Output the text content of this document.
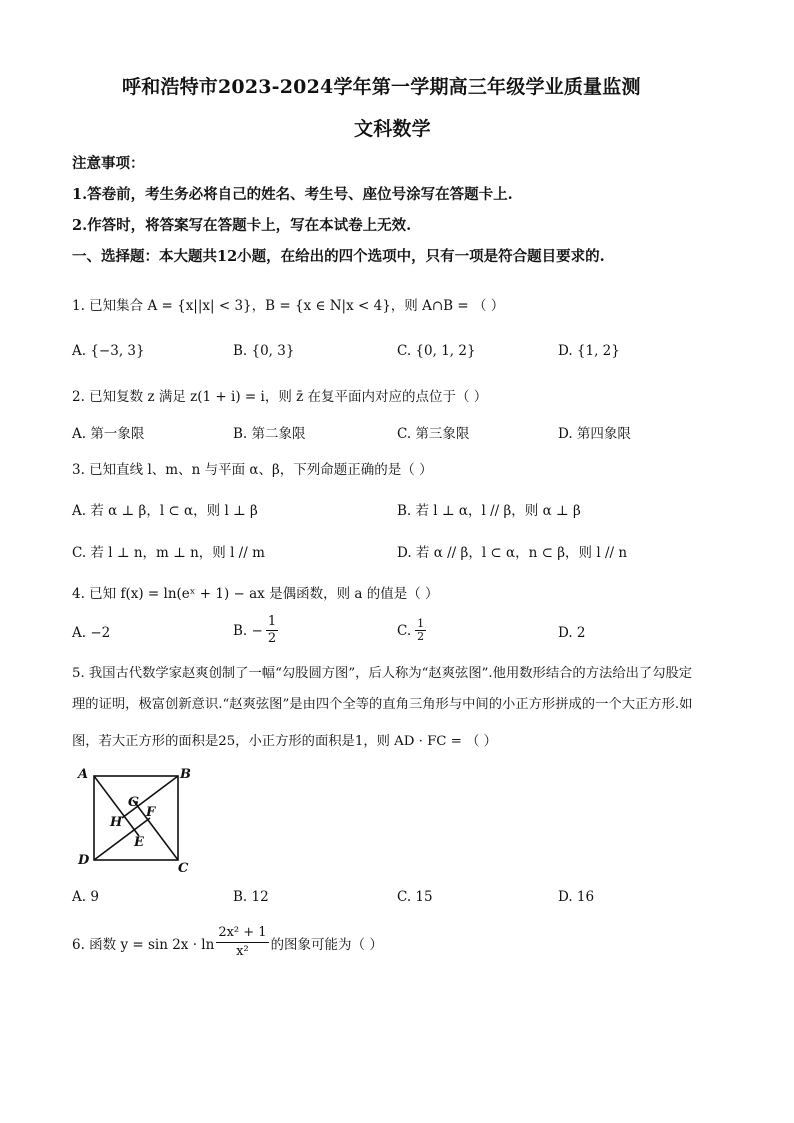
呼和浩特市2023-2024学年第一学期高三年级学业质量监测
文科数学
注意事项：
1.答卷前，考生务必将自己的姓名、考生号、座位号涂写在答题卡上.
2.作答时，将答案写在答题卡上，写在本试卷上无效.
一、选择题：本大题共12小题，在给出的四个选项中，只有一项是符合题目要求的.
1. 已知集合 A = {x||x| < 3}，B = {x ∈ N|x < 4}，则 A∩B = （ ）
A. {−3, 3}	B. {0, 3}	C. {0, 1, 2}	D. {1, 2}
2. 已知复数 z 满足 z(1 + i) = i，则 z̄ 在复平面内对应的点位于（ ）
A. 第一象限	B. 第二象限	C. 第三象限	D. 第四象限
3. 已知直线 l、m、n 与平面 α、β，下列命题正确的是（ ）
A. 若 α ⊥ β，l ⊂ α，则 l ⊥ β	B. 若 l ⊥ α，l // β，则 α ⊥ β
C. 若 l ⊥ n，m ⊥ n，则 l // m	D. 若 α // β，l ⊂ α，n ⊂ β，则 l // n
4. 已知 f(x) = ln(eˣ + 1) − ax 是偶函数，则 a 的值是（ ）
A. −2	B. − $\frac{1}{2}$	C. $\frac{1}{2}$	D. 2
5. 我国古代数学家赵爽创制了一幅“勾股圆方图”，后人称为“赵爽弦图”.他用数形结合的方法给出了勾股定
理的证明，极富创新意识.“赵爽弦图”是由四个全等的直角三角形与中间的小正方形拼成的一个大正方形.如
图，若大正方形的面积是25，小正方形的面积是1，则 AD · FC = （ ）
A	B
C
D
E
F
G
H
A. 9	B. 12	C. 15	D. 16
6. 函数 $y = \sin 2x \cdot \ln \frac{\text{2x² + 1}}{\text{x²}}$ 的图象可能为（ ）
